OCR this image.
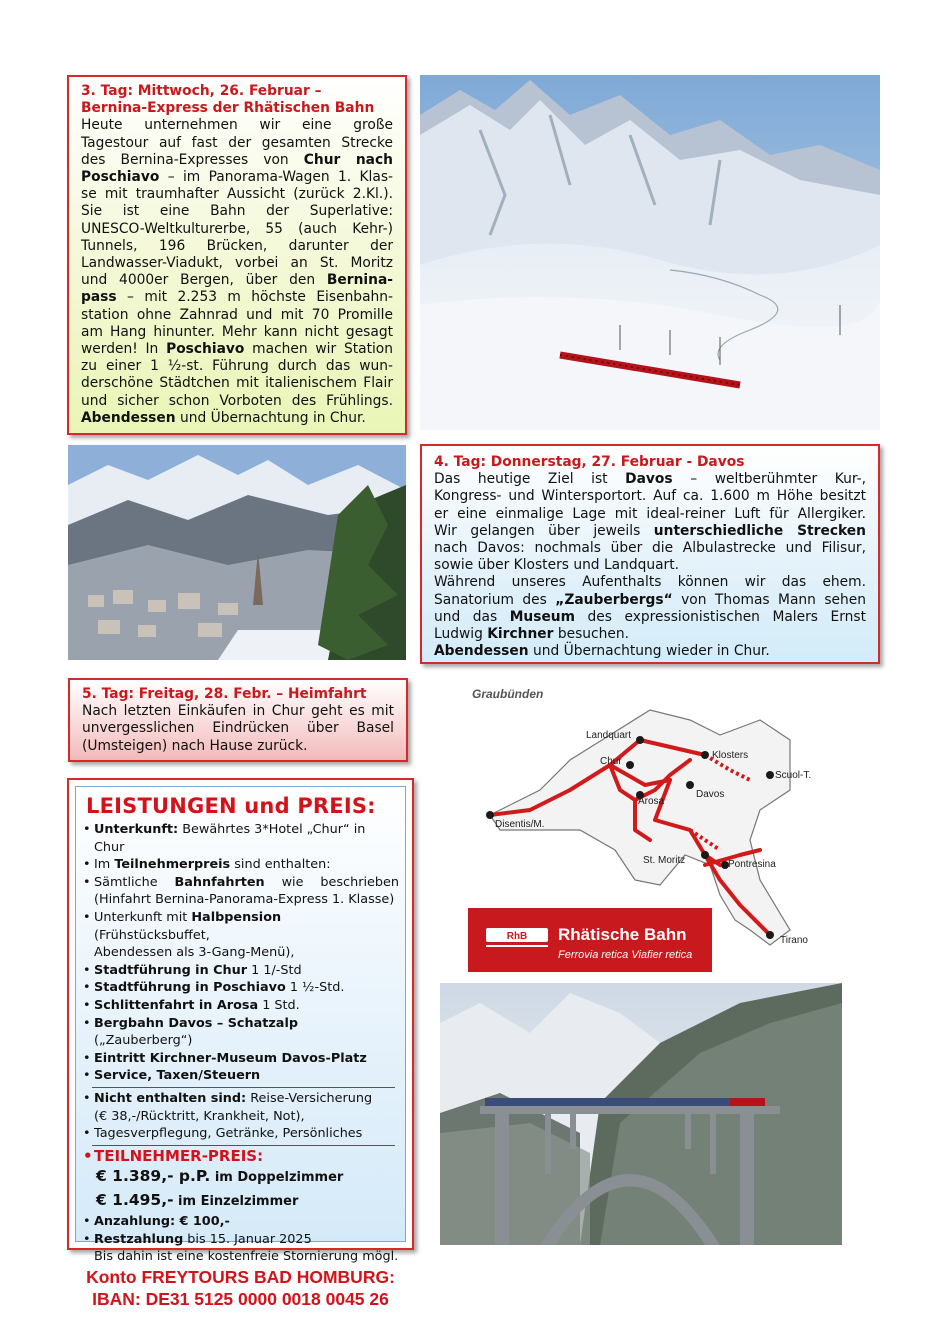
3. Tag: Mittwoch, 26. Februar –
Bernina-Express der Rhätischen Bahn
Heute unternehmen wir eine große
Tagestour auf fast der gesamten Strecke
des Bernina-Expresses von Chur nach
Poschiavo – im Panorama-Wagen 1. Klas-
se mit traumhafter Aussicht (zurück 2.Kl.).
Sie ist eine Bahn der Superlative:
UNESCO-Weltkulturerbe, 55 (auch Kehr-)
Tunnels, 196 Brücken, darunter der
Landwasser-Viadukt, vorbei an St. Moritz
und 4000er Bergen, über den Bernina-
pass – mit 2.253 m höchste Eisenbahn-
station ohne Zahnrad und mit 70 Promille
am Hang hinunter. Mehr kann nicht gesagt
werden! In Poschiavo machen wir Station
zu einer 1 ½-st. Führung durch das wun-
derschöne Städtchen mit italienischem Flair
und sicher schon Vorboten des Frühlings.
Abendessen und Übernachtung in Chur.
4. Tag: Donnerstag, 27. Februar - Davos
Das heutige Ziel ist Davos – weltberühmter Kur-,
Kongress- und Wintersportort. Auf ca. 1.600 m Höhe besitzt
er eine einmalige Lage mit ideal-reiner Luft für Allergiker.
Wir gelangen über jeweils unterschiedliche Strecken
nach Davos: nochmals über die Albulastrecke und Filisur,
sowie über Klosters und Landquart.
Während unseres Aufenthalts können wir das ehem.
Sanatorium des „Zauberbergs“ von Thomas Mann sehen
und das Museum des expressionistischen Malers Ernst
Ludwig Kirchner besuchen.
Abendessen und Übernachtung wieder in Chur.
5. Tag: Freitag, 28. Febr. – Heimfahrt
Nach letzten Einkäufen in Chur geht es mit
unvergesslichen Eindrücken über Basel
(Umsteigen) nach Hause zurück.
LEISTUNGEN und PREIS:
• Unterkunft: Bewährtes 3*Hotel „Chur“ in Chur
• Im Teilnehmerpreis sind enthalten:
• Sämtliche Bahnfahrten wie beschrieben
(Hinfahrt Bernina-Panorama-Express 1. Klasse)
• Unterkunft mit Halbpension (Frühstücksbuffet,
Abendessen als 3-Gang-Menü),
• Stadtführung in Chur 1 1/-Std
• Stadtführung in Poschiavo 1 ½-Std.
• Schlittenfahrt in Arosa 1 Std.
• Bergbahn Davos – Schatzalp („Zauberberg“)
• Eintritt Kirchner-Museum Davos-Platz
• Service, Taxen/Steuern
• Nicht enthalten sind: Reise-Versicherung
(€ 38,-/Rücktritt, Krankheit, Not),
• Tagesverpflegung, Getränke, Persönliches
• TEILNEHMER-PREIS:
€ 1.389,- p.P. im Doppelzimmer
€ 1.495,- im Einzelzimmer
• Anzahlung: € 100,-
• Restzahlung bis 15. Januar 2025
Bis dahin ist eine kostenfreie Stornierung mögl.
Konto FREYTOURS BAD HOMBURG:
IBAN: DE31 5125 0000 0018 0045 26
Graubünden
Landquart
Chur
Klosters
Scuol-T.
Arosa
Davos
Disentis/M.
St. Moritz	Pontresina
Tirano
RhB Rhätische Bahn
Ferrovia retica Viafier retica
